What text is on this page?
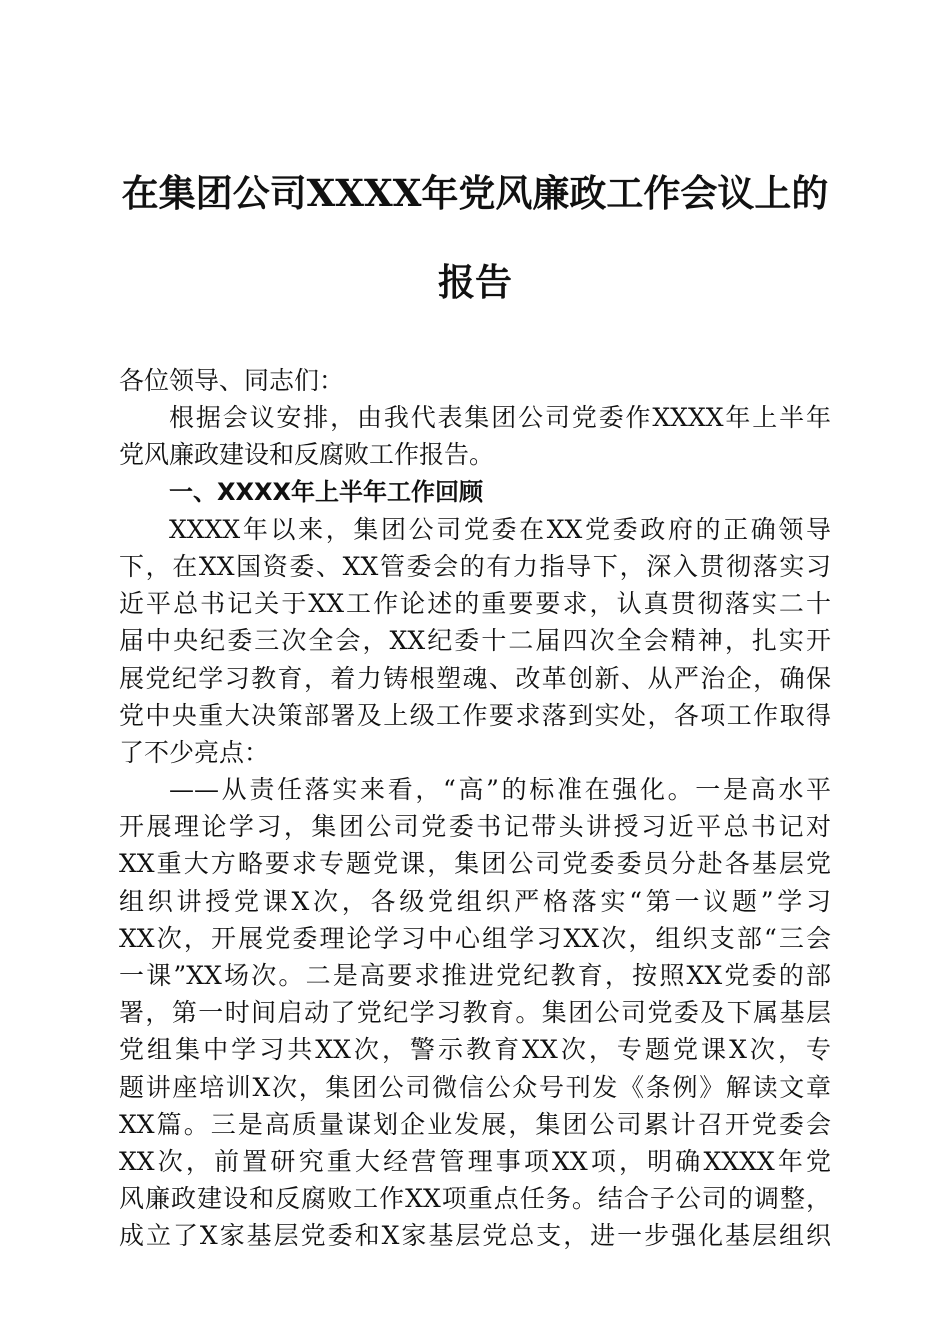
在集团公司XXXX年党风廉政工作会议上的
报告
各位领导、同志们：
根据会议安排，由我代表集团公司党委作XXXX年上半年
党风廉政建设和反腐败工作报告。
一、XXXX年上半年工作回顾
XXXX年以来，集团公司党委在XX党委政府的正确领导
下，在XX国资委、XX管委会的有力指导下，深入贯彻落实习
近平总书记关于XX工作论述的重要要求，认真贯彻落实二十
届中央纪委三次全会，XX纪委十二届四次全会精神，扎实开
展党纪学习教育，着力铸根塑魂、改革创新、从严治企，确保
党中央重大决策部署及上级工作要求落到实处，各项工作取得
了不少亮点：
——从责任落实来看，“高”的标准在强化。一是高水平
开展理论学习，集团公司党委书记带头讲授习近平总书记对
XX重大方略要求专题党课，集团公司党委委员分赴各基层党
组织讲授党课X次，各级党组织严格落实“第一议题”学习
XX次，开展党委理论学习中心组学习XX次，组织支部“三会
一课”XX场次。二是高要求推进党纪教育，按照XX党委的部
署，第一时间启动了党纪学习教育。集团公司党委及下属基层
党组集中学习共XX次，警示教育XX次，专题党课X次，专
题讲座培训X次，集团公司微信公众号刊发《条例》解读文章
XX篇。三是高质量谋划企业发展，集团公司累计召开党委会
XX次，前置研究重大经营管理事项XX项，明确XXXX年党
风廉政建设和反腐败工作XX项重点任务。结合子公司的调整，
成立了X家基层党委和X家基层党总支，进一步强化基层组织
